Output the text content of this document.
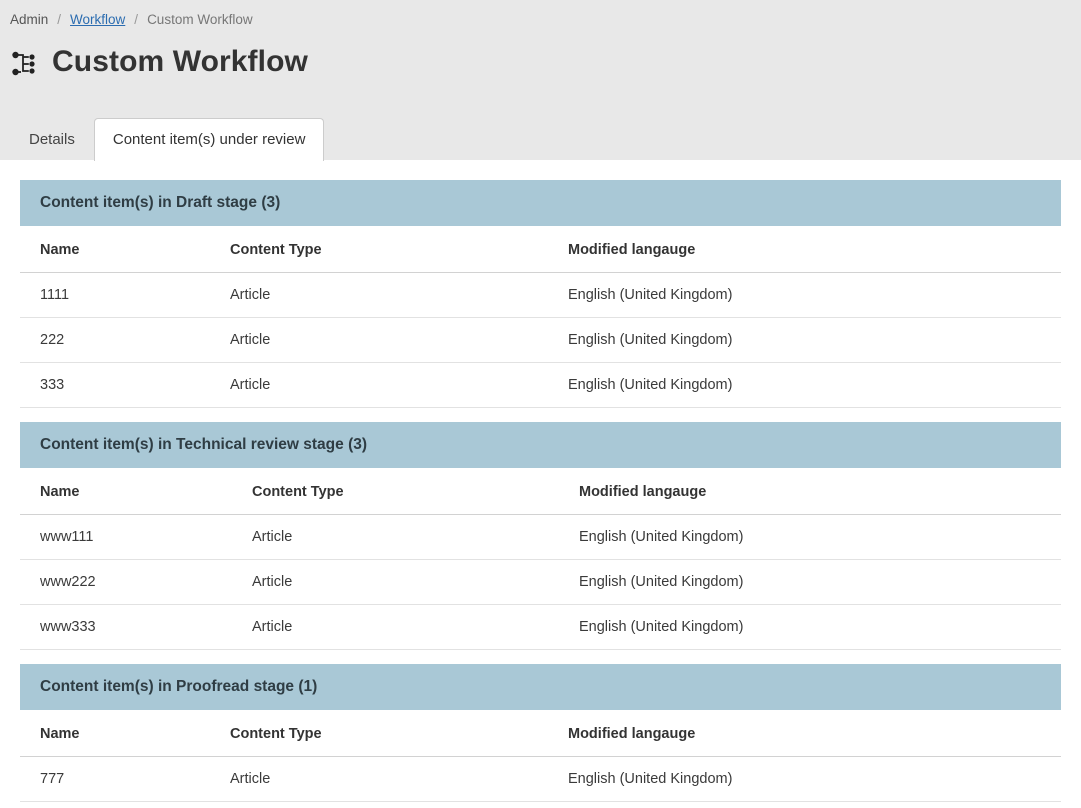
Admin / Workflow / Custom Workflow
Custom Workflow
Details	Content item(s) under review
Content item(s) in Draft stage (3)
Name	Content Type	Modified langauge
1111	Article	English (United Kingdom)
222	Article	English (United Kingdom)
333	Article	English (United Kingdom)
Content item(s) in Technical review stage (3)
Name	Content Type	Modified langauge
www111	Article	English (United Kingdom)
www222	Article	English (United Kingdom)
www333	Article	English (United Kingdom)
Content item(s) in Proofread stage (1)
Name	Content Type	Modified langauge
777	Article	English (United Kingdom)
